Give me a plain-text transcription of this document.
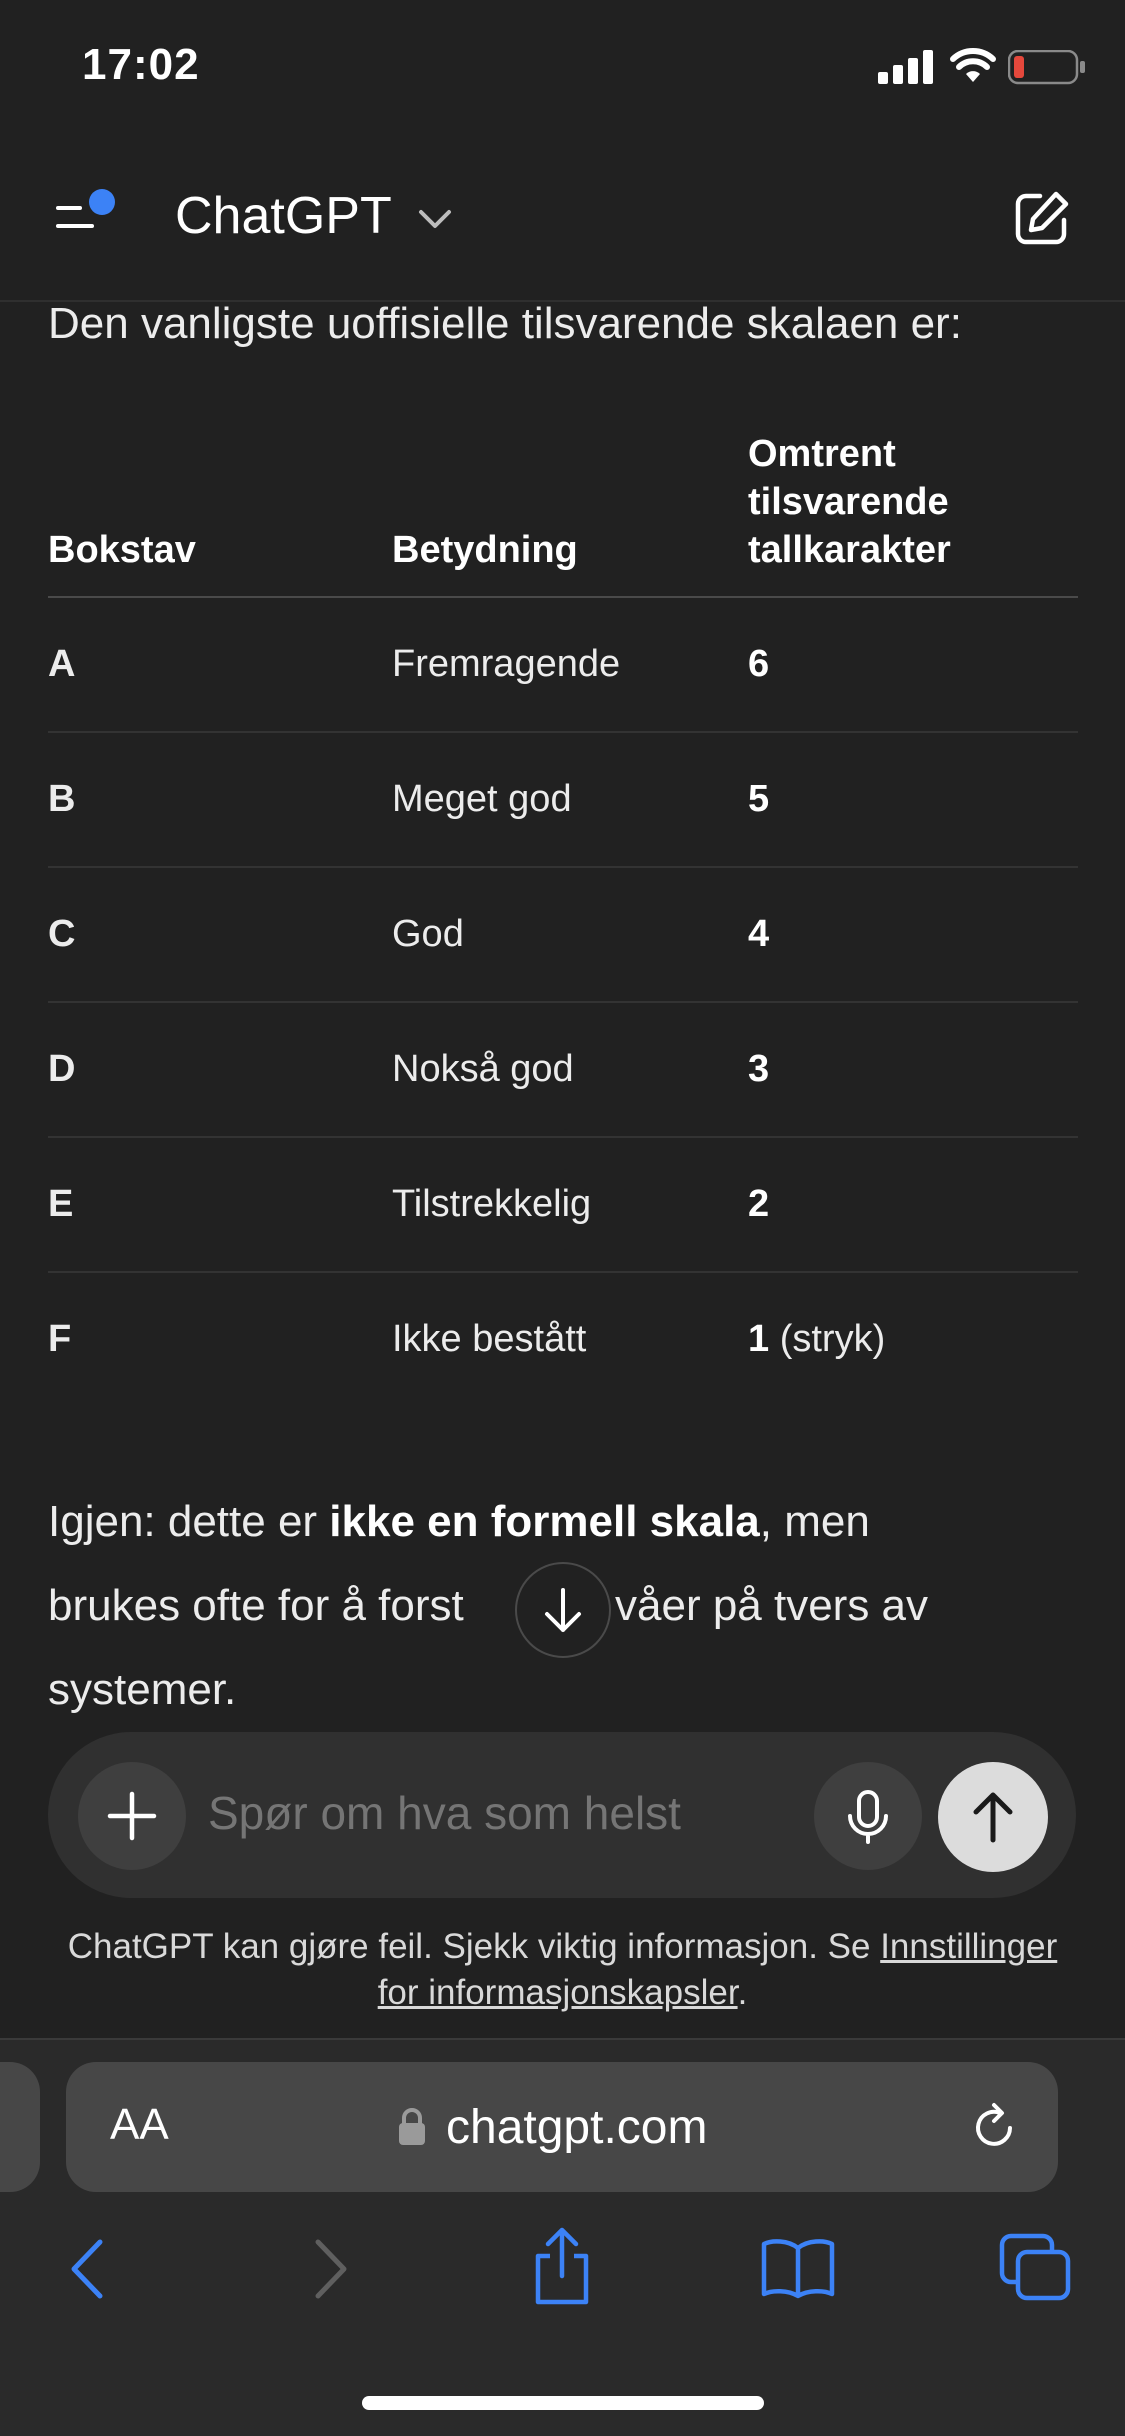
17:02
ChatGPT
Den vanligste uoffisielle tilsvarende skalaen er:
Bokstav	Betydning	Omtrent
tilsvarende
tallkarakter

A	Fremragende	6
B	Meget god	5
C	God	4
D	Nokså god	3
E	Tilstrekkelig	2
F	Ikke bestått	1 (stryk)
Igjen: dette er ikke en formell skala, men
brukes ofte for å forst	våer på tvers av
systemer.
Spør om hva som helst
ChatGPT kan gjøre feil. Sjekk viktig informasjon. Se Innstillinger
for informasjonskapsler.
AA	chatgpt.com
